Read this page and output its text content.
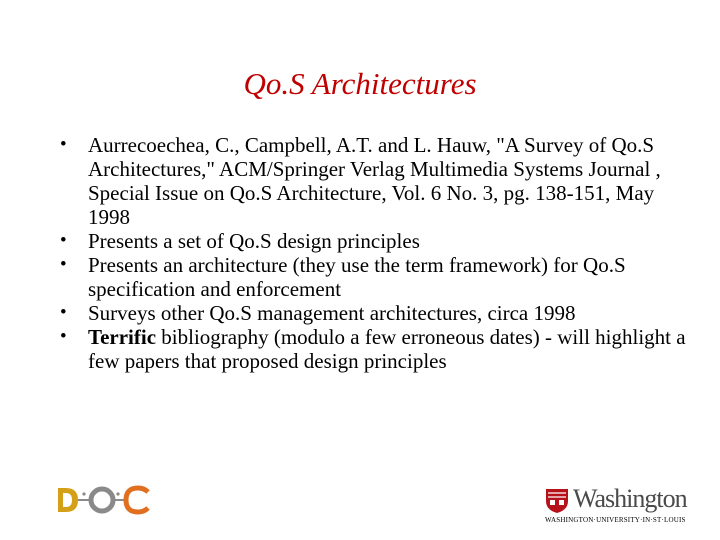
Qo.S Architectures
•	Aurrecoechea, C., Campbell, A.T. and L. Hauw, "A Survey of Qo.S Architectures," ACM/Springer Verlag Multimedia Systems Journal , Special Issue on Qo.S Architecture, Vol. 6 No. 3, pg. 138-151, May 1998
•	Presents a set of Qo.S design principles
•	Presents an architecture (they use the term framework) for Qo.S specification and enforcement
•	Surveys other Qo.S management architectures, circa 1998
•	Terrific bibliography (modulo a few erroneous dates) - will highlight a few papers that proposed design principles
Washington
WASHINGTON·UNIVERSITY·IN·ST·LOUIS
